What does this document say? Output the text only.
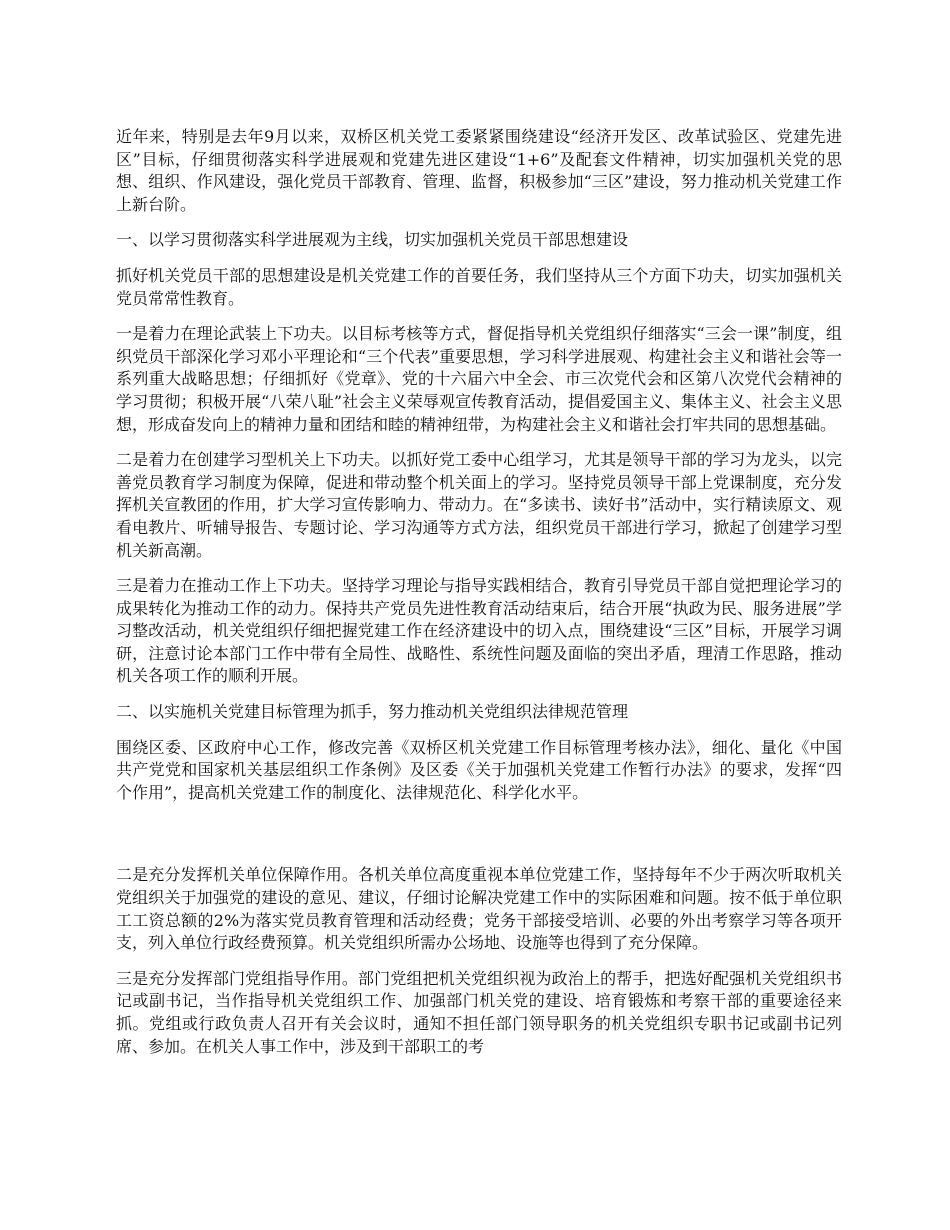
近年来，特别是去年9月以来，双桥区机关党工委紧紧围绕建设“经济开发区、改革试验区、党建先进区”目标，仔细贯彻落实科学进展观和党建先进区建设“1+6”及配套文件精神，切实加强机关党的思想、组织、作风建设，强化党员干部教育、管理、监督，积极参加“三区”建设，努力推动机关党建工作上新台阶。

一、以学习贯彻落实科学进展观为主线，切实加强机关党员干部思想建设

抓好机关党员干部的思想建设是机关党建工作的首要任务，我们坚持从三个方面下功夫，切实加强机关党员常常性教育。

一是着力在理论武装上下功夫。以目标考核等方式，督促指导机关党组织仔细落实“三会一课”制度，组织党员干部深化学习邓小平理论和“三个代表”重要思想，学习科学进展观、构建社会主义和谐社会等一系列重大战略思想；仔细抓好《党章》、党的十六届六中全会、市三次党代会和区第八次党代会精神的学习贯彻；积极开展“八荣八耻”社会主义荣辱观宣传教育活动，提倡爱国主义、集体主义、社会主义思想，形成奋发向上的精神力量和团结和睦的精神纽带，为构建社会主义和谐社会打牢共同的思想基础。

二是着力在创建学习型机关上下功夫。以抓好党工委中心组学习，尤其是领导干部的学习为龙头，以完善党员教育学习制度为保障，促进和带动整个机关面上的学习。坚持党员领导干部上党课制度，充分发挥机关宣教团的作用，扩大学习宣传影响力、带动力。在“多读书、读好书”活动中，实行精读原文、观看电教片、听辅导报告、专题讨论、学习沟通等方式方法，组织党员干部进行学习，掀起了创建学习型机关新高潮。

三是着力在推动工作上下功夫。坚持学习理论与指导实践相结合，教育引导党员干部自觉把理论学习的成果转化为推动工作的动力。保持共产党员先进性教育活动结束后，结合开展“执政为民、服务进展”学习整改活动，机关党组织仔细把握党建工作在经济建设中的切入点，围绕建设“三区”目标，开展学习调研，注意讨论本部门工作中带有全局性、战略性、系统性问题及面临的突出矛盾，理清工作思路，推动机关各项工作的顺利开展。

二、以实施机关党建目标管理为抓手，努力推动机关党组织法律规范管理

围绕区委、区政府中心工作，修改完善《双桥区机关党建工作目标管理考核办法》，细化、量化《中国共产党党和国家机关基层组织工作条例》及区委《关于加强机关党建工作暂行办法》的要求，发挥“四个作用”，提高机关党建工作的制度化、法律规范化、科学化水平。

二是充分发挥机关单位保障作用。各机关单位高度重视本单位党建工作，坚持每年不少于两次听取机关党组织关于加强党的建设的意见、建议，仔细讨论解决党建工作中的实际困难和问题。按不低于单位职工工资总额的2%为落实党员教育管理和活动经费；党务干部接受培训、必要的外出考察学习等各项开支，列入单位行政经费预算。机关党组织所需办公场地、设施等也得到了充分保障。

三是充分发挥部门党组指导作用。部门党组把机关党组织视为政治上的帮手，把选好配强机关党组织书记或副书记，当作指导机关党组织工作、加强部门机关党的建设、培育锻炼和考察干部的重要途径来抓。党组或行政负责人召开有关会议时，通知不担任部门领导职务的机关党组织专职书记或副书记列席、参加。在机关人事工作中，涉及到干部职工的考
